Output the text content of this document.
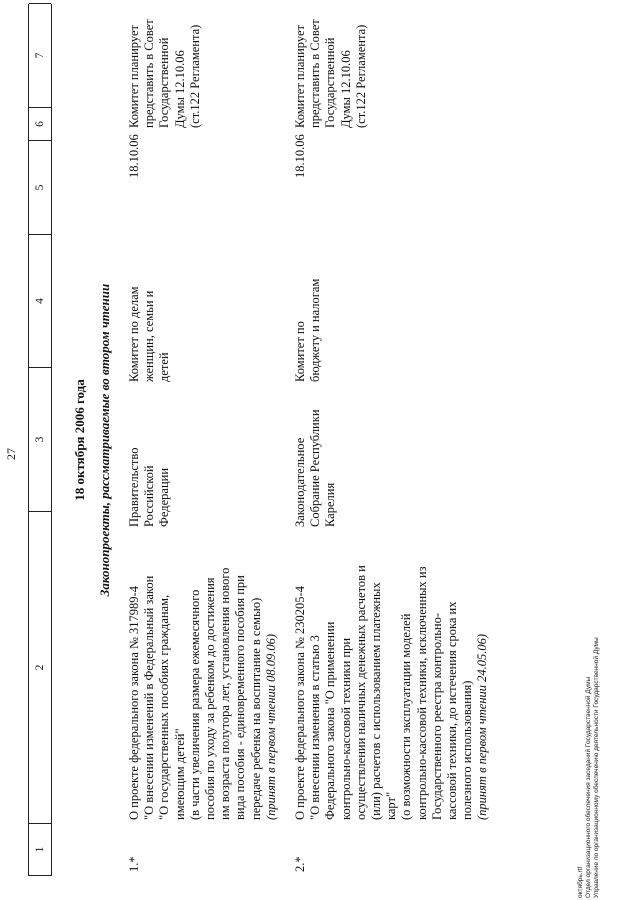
27
1
2
3
4
5
6
7
18 октября 2006 года Законопроекты, рассматриваемые во втором чтении
1.*
О проекте федерального закона № 317989-4 "О внесении изменений в Федеральный закон "О государственных пособиях гражданам, имеющим детей" (в части увеличения размера ежемесячного пособия по уходу за ребенком до достижения им возраста полутора лет, установления нового вида пособия - единовременного пособия при передаче ребенка на воспитание в семью) (принят в первом чтении 08.09.06)
Правительство Российской Федерации
Комитет по делам женщин, семьи и детей
18.10.06
Комитет планирует представить в Совет Государственной Думы 12.10.06 (ст.122 Регламента)
2.*
О проекте федерального закона № 230205-4 "О внесении изменения в статью 3 Федерального закона "О применении контрольно-кассовой техники при осуществлении наличных денежных расчетов и (или) расчетов с использованием платежных карт" (о возможности эксплуатации моделей контрольно-кассовой техники, исключенных из Государственного реестра контрольно- кассовой техники, до истечения срока их полезного использования) (принят в первом чтении 24.05.06)
Законодательное Собрание Республики Карелия
Комитет по бюджету и налогам
18.10.06
Комитет планирует представить в Совет Государственной Думы 12.10.06 (ст.122 Регламента)
октябрь.rtf Отдел организационного обеспечения заседаний Государственной Думы Управление по организационному обеспечению деятельности Государственной Думы
